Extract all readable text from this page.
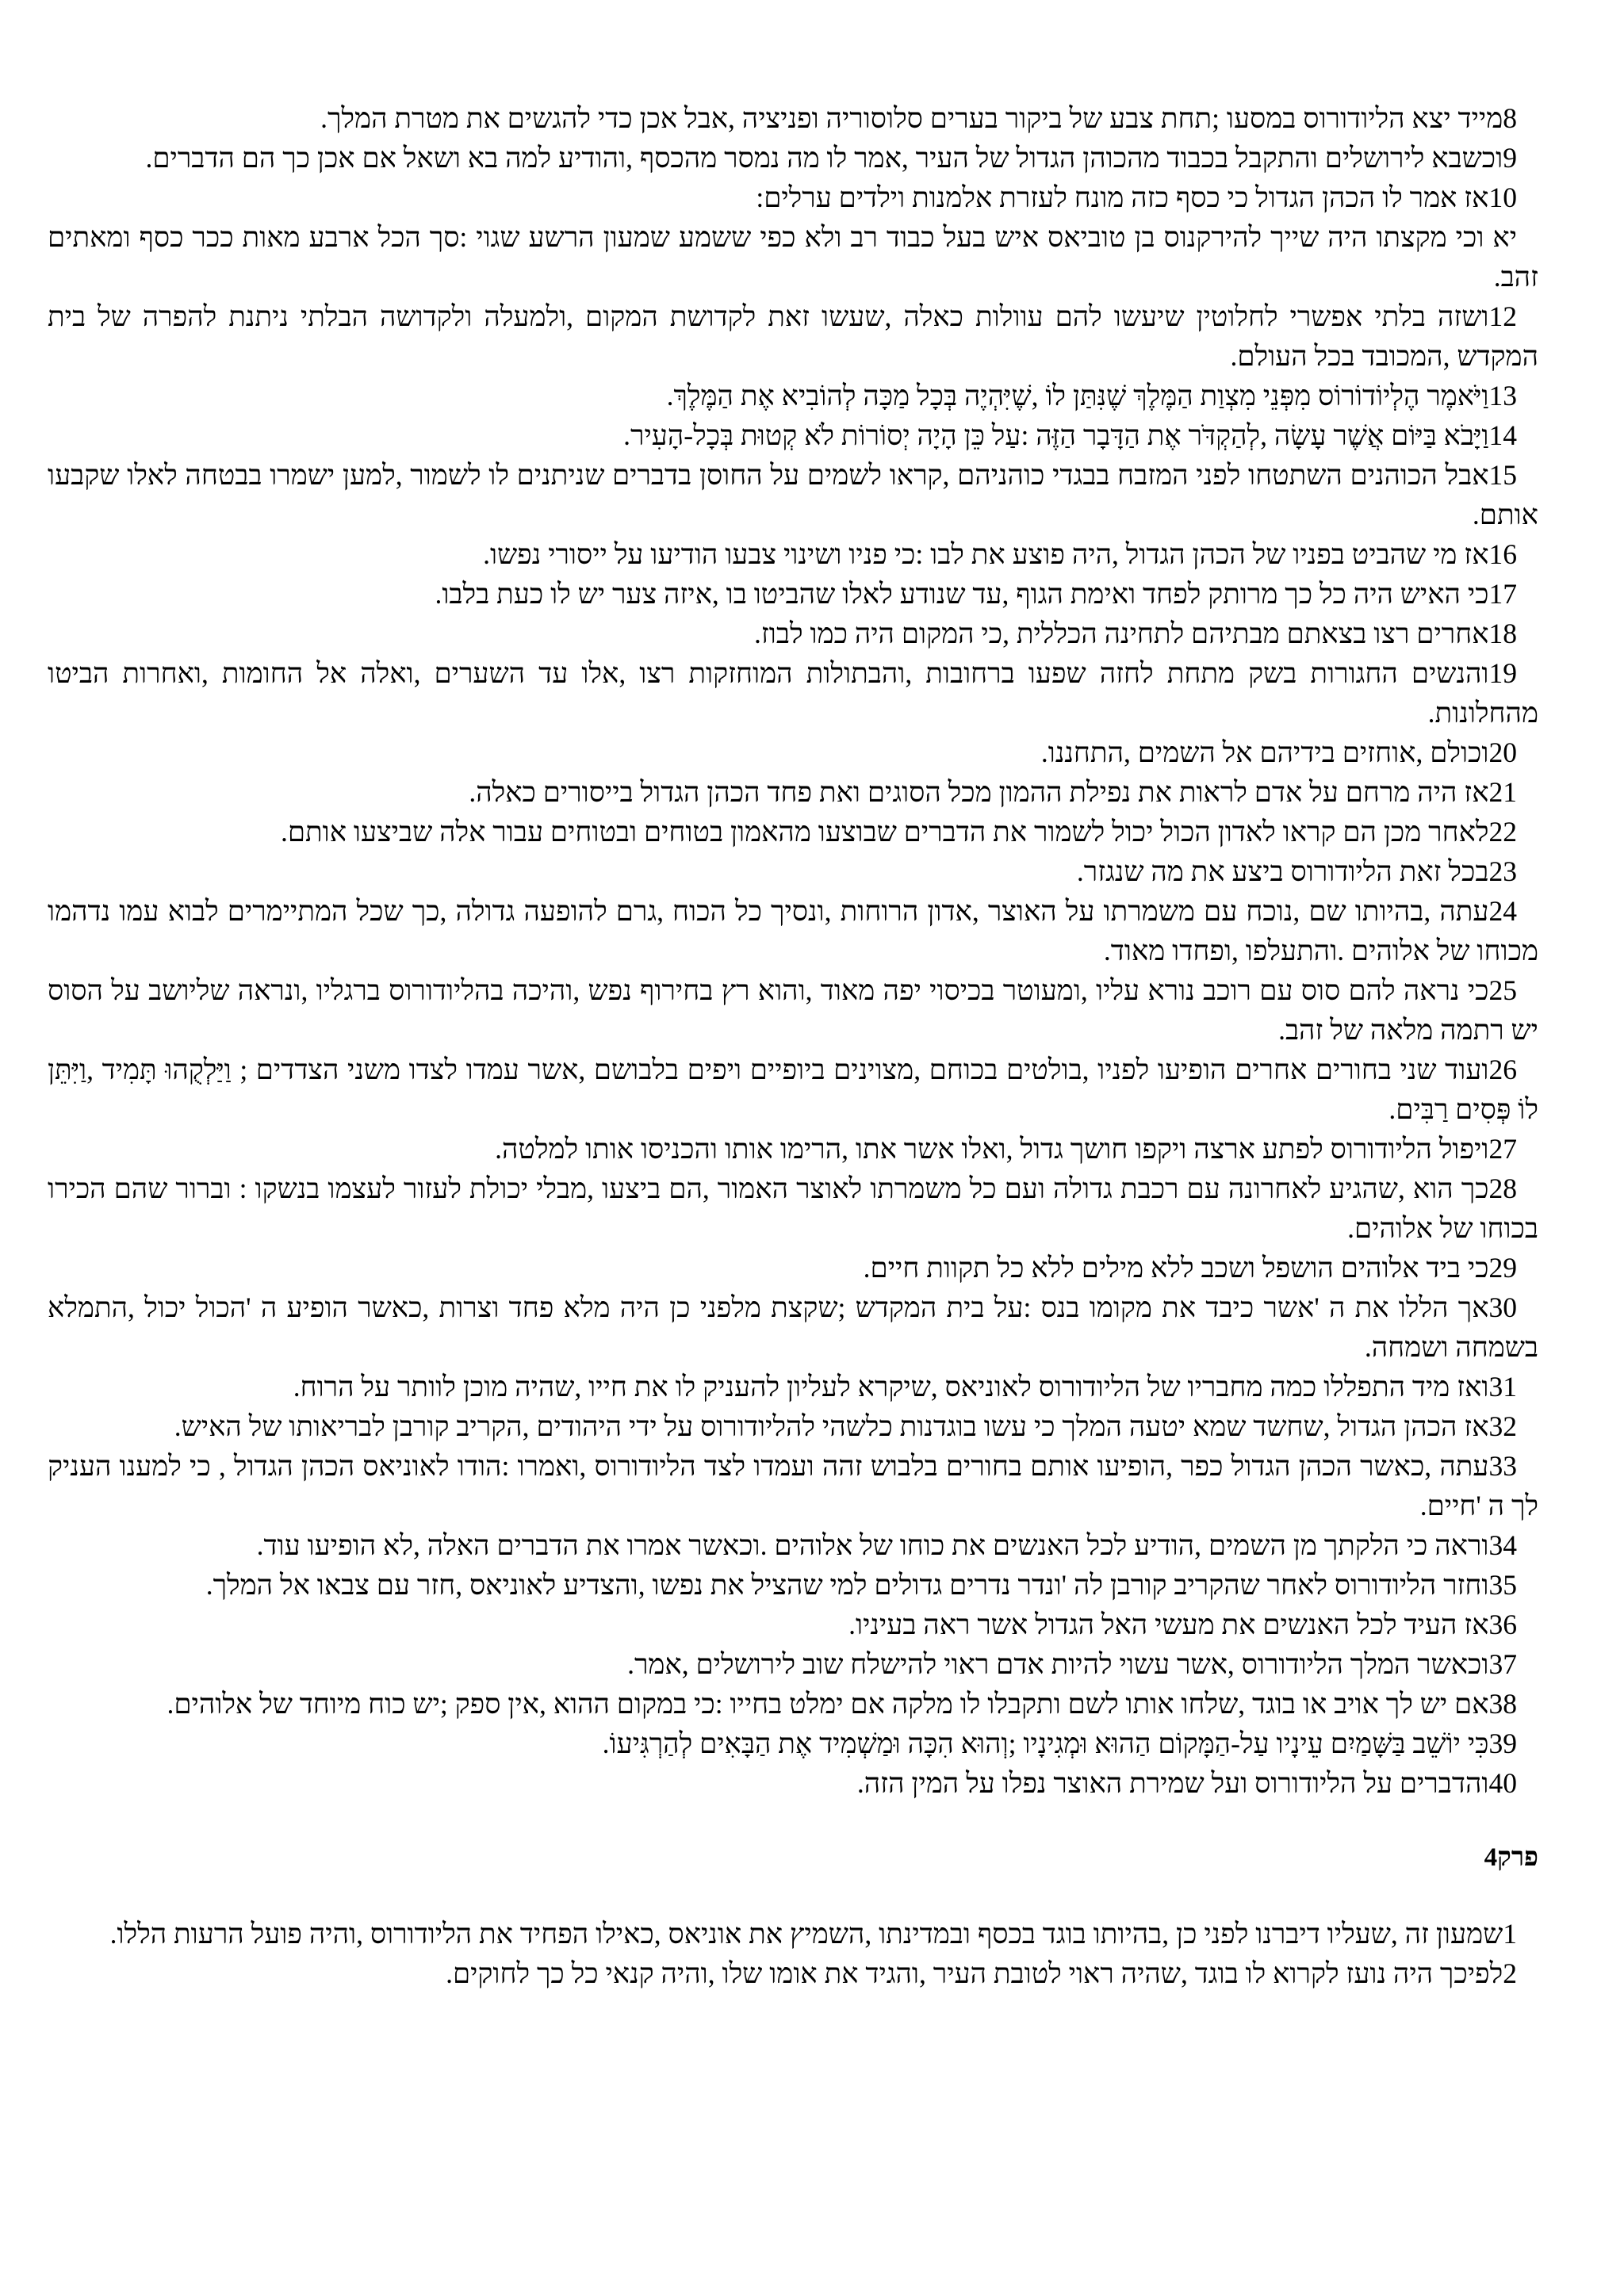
8מייד יצא הליודורוס במסעו ;תחת צבע של ביקור בערים סלוסוריה ופניציה ,אבל אכן כדי להגשים את מטרת המלך.

9וכשבא לירושלים והתקבל בכבוד מהכוהן הגדול של העיר ,אמר לו מה נמסר מהכסף ,והודיע למה בא ושאל אם אכן כך הם הדברים.

10אז אמר לו הכהן הגדול כי כסף כזה מונח לעזרת אלמנות וילדים ערלים:

יא וכי מקצתו היה שייך להירקנוס בן טוביאס איש בעל כבוד רב ולא כפי ששמע שמעון הרשע שגוי :סך הכל ארבע מאות ככר כסף ומאתים זהב.

12ושזה בלתי אפשרי לחלוטין שיעשו להם עוולות כאלה ,שעשו זאת לקדושת המקום ,ולמעלה ולקדושה הבלתי ניתנת להפרה של בית המקדש ,המכובד בכל העולם.

13וַיֹּאמֶר הֶלְיוֹדוֹרוֹס מִפְּנֵי מִצְוַת הַמֶּלֶךְ שֶׁנִּתַּן לוֹ ,שֶׁיִּהְיֶה בְּכָל מַכָּה לְהוֹבִיא אֶת הַמֶּלֶךְ.

14וַיָּבֹא בַּיּוֹם אֲשֶׁר עָשָׂה ,לְהַקְדֹּר אֶת הַדָּבָר הַזֶּה :עַל כֵּן הָיָה יְסוֹרוֹת לֹא קְטוּת בְּכָל-הָעִיר.

15אבל הכוהנים השתטחו לפני המזבח בבגדי כוהניהם ,קראו לשמים על החוסן בדברים שניתנים לו לשמור ,למען ישמרו בבטחה לאלו שקבעו אותם.

16אז מי שהביט בפניו של הכהן הגדול ,היה פוצע את לבו :כי פניו ושינוי צבעו הודיעו על ייסורי נפשו.

17כי האיש היה כל כך מרותק לפחד ואימת הגוף ,עד שנודע לאלו שהביטו בו ,איזה צער יש לו כעת בלבו.

18אחרים רצו בצאתם מבתיהם לתחינה הכללית ,כי המקום היה כמו לבוז.

19והנשים החגורות בשק מתחת לחזה שפעו ברחובות ,והבתולות המוחזקות רצו ,אלו עד השערים ,ואלה אל החומות ,ואחרות הביטו מהחלונות.

20וכולם ,אוחזים בידיהם אל השמים ,התחננו.

21אז היה מרחם על אדם לראות את נפילת ההמון מכל הסוגים ואת פחד הכהן הגדול בייסורים כאלה.

22לאחר מכן הם קראו לאדון הכול יכול לשמור את הדברים שבוצעו מהאמון בטוחים ובטוחים עבור אלה שביצעו אותם.

23בכל זאת הליודורוס ביצע את מה שנגזר.

24עתה ,בהיותו שם ,נוכח עם משמרתו על האוצר ,אדון הרוחות ,ונסיך כל הכוח ,גרם להופעה גדולה ,כך שכל המתיימרים לבוא עמו נדהמו מכוחו של אלוהים .והתעלפו ,ופחדו מאוד.

25כי נראה להם סוס עם רוכב נורא עליו ,ומעוטר בכיסוי יפה מאוד ,והוא רץ בחירוף נפש ,והיכה בהליודורוס ברגליו ,ונראה שליושב על הסוס יש רתמה מלאה של זהב.

26ועוד שני בחורים אחרים הופיעו לפניו ,בולטים בכוחם ,מצוינים ביופיים ויפים בלבושם ,אשר עמדו לצדו משני הצדדים ; וַיַּלְקֻהוּ תָּמִיד ,וַיִּתֵּן לוֹ פְּסִים רַבִּים.

27ויפול הליודורוס לפתע ארצה ויקפו חושך גדול ,ואלו אשר אתו ,הרימו אותו והכניסו אותו למלטה.

28כך הוא ,שהגיע לאחרונה עם רכבת גדולה ועם כל משמרתו לאוצר האמור ,הם ביצעו ,מבלי יכולת לעזור לעצמו בנשקו : וברור שהם הכירו בכוחו של אלוהים.

29כי ביד אלוהים הושפל ושכב ללא מילים ללא כל תקוות חיים.

30אך הללו את ה 'אשר כיבד את מקומו בנס :על בית המקדש ;שקצת מלפני כן היה מלא פחד וצרות ,כאשר הופיע ה 'הכול יכול ,התמלא בשמחה ושמחה.

31ואז מיד התפללו כמה מחבריו של הליודורוס לאוניאס ,שיקרא לעליון להעניק לו את חייו ,שהיה מוכן לוותר על הרוח.

32אז הכהן הגדול ,שחשד שמא יטעה המלך כי עשו בוגדנות כלשהי להליודורוס על ידי היהודים ,הקריב קורבן לבריאותו של האיש.

33עתה ,כאשר הכהן הגדול כפר ,הופיעו אותם בחורים בלבוש זהה ועמדו לצד הליודורוס ,ואמרו :הודו לאוניאס הכהן הגדול , כי למענו העניק לך ה 'חיים.

34וראה כי הלקתך מן השמים ,הודיע לכל האנשים את כוחו של אלוהים .וכאשר אמרו את הדברים האלה ,לא הופיעו עוד.

35וחזר הליודורוס לאחר שהקריב קורבן לה 'ונדר נדרים גדולים למי שהציל את נפשו ,והצדיע לאוניאס ,חזר עם צבאו אל המלך.

36אז העיד לכל האנשים את מעשי האל הגדול אשר ראה בעיניו.

37וכאשר המלך הליודורוס ,אשר עשוי להיות אדם ראוי להישלח שוב לירושלים ,אמר.

38אם יש לך אויב או בוגד ,שלחו אותו לשם ותקבלו לו מלקה אם ימלט בחייו :כי במקום ההוא ,אין ספק ;יש כוח מיוחד של אלוהים.

39כִּי יוֹשֵׁב בַּשָּׁמַיִם עֵינָיו עַל-הַמָּקוֹם הַהוּא וּמְגִינָיו ;וְהוּא הִכָּה וּמַשְׁמִיד אֶת הַבָּאִים לְהַרְגִּיעוֹ.

40והדברים על הליודורוס ועל שמירת האוצר נפלו על המין הזה.

פרק4

1שמעון זה ,שעליו דיברנו לפני כן ,בהיותו בוגד בכסף ובמדינתו ,השמיץ את אוניאס ,כאילו הפחיד את הליודורוס ,והיה פועל הרעות הללו.

2לפיכך היה נועז לקרוא לו בוגד ,שהיה ראוי לטובת העיר ,והגיד את אומו שלו ,והיה קנאי כל כך לחוקים.
